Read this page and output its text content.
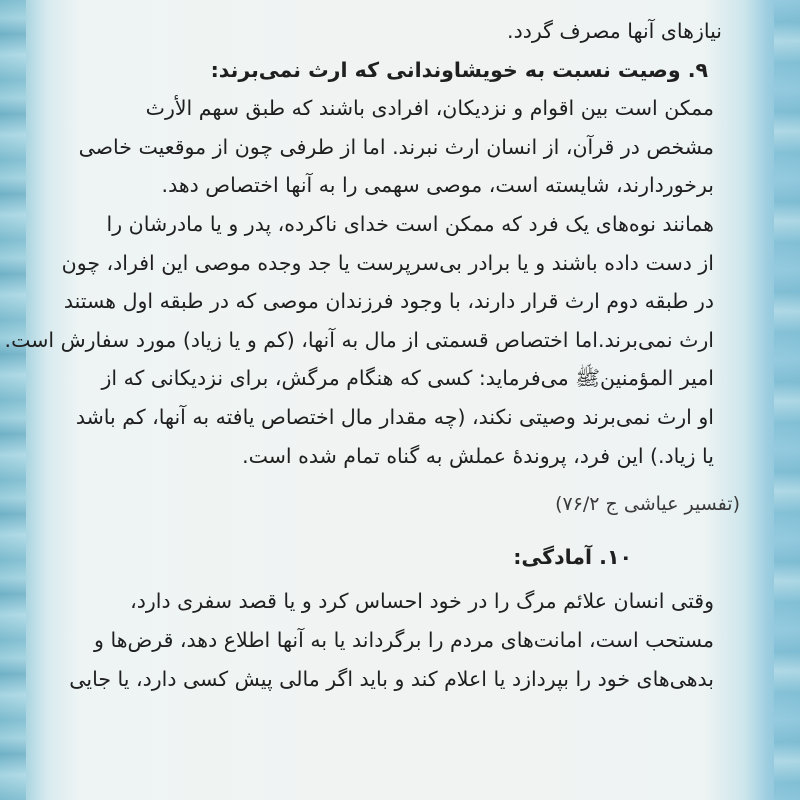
نیازهای آنها مصرف گردد.
۹. وصیت نسبت به خویشاوندانی که ارث نمی‌برند:
ممکن است بین اقوام و نزدیکان، افرادی باشند که طبق سهم الأرث
مشخص در قرآن، از انسان ارث نبرند. اما از طرفی چون از موقعیت خاصی
برخوردارند، شایسته است، موصی سهمی را به آنها اختصاص دهد.
همانند نوه‌های یک فرد که ممکن است خدای ناکرده، پدر و یا مادرشان را
از دست داده باشند و یا برادر بی‌سرپرست یا جد وجده موصی این افراد، چون
در طبقه دوم ارث قرار دارند، با وجود فرزندان موصی که در طبقه اول هستند
ارث نمی‌برند.اما اختصاص قسمتی از مال به آنها، (کم و یا زیاد) مورد سفارش است.
امیر المؤمنین‌ﷺ می‌فرماید: کسی که هنگام مرگش، برای نزدیکانی که از
او ارث نمی‌برند وصیتی نکند، (چه مقدار مال اختصاص یافته به آنها، کم باشد
یا زیاد.) این فرد، پروندۀ عملش به گناه تمام شده است.
(تفسیر عیاشی ج ۷۶/۲)
۱۰. آمادگی:
وقتی انسان علائم مرگ را در خود احساس کرد و یا قصد سفری دارد،
مستحب است، امانت‌های مردم را برگرداند یا به آنها اطلاع دهد، قرض‌ها و
بدهی‌های خود را بپردازد یا اعلام کند و باید اگر مالی پیش کسی دارد، یا جایی
